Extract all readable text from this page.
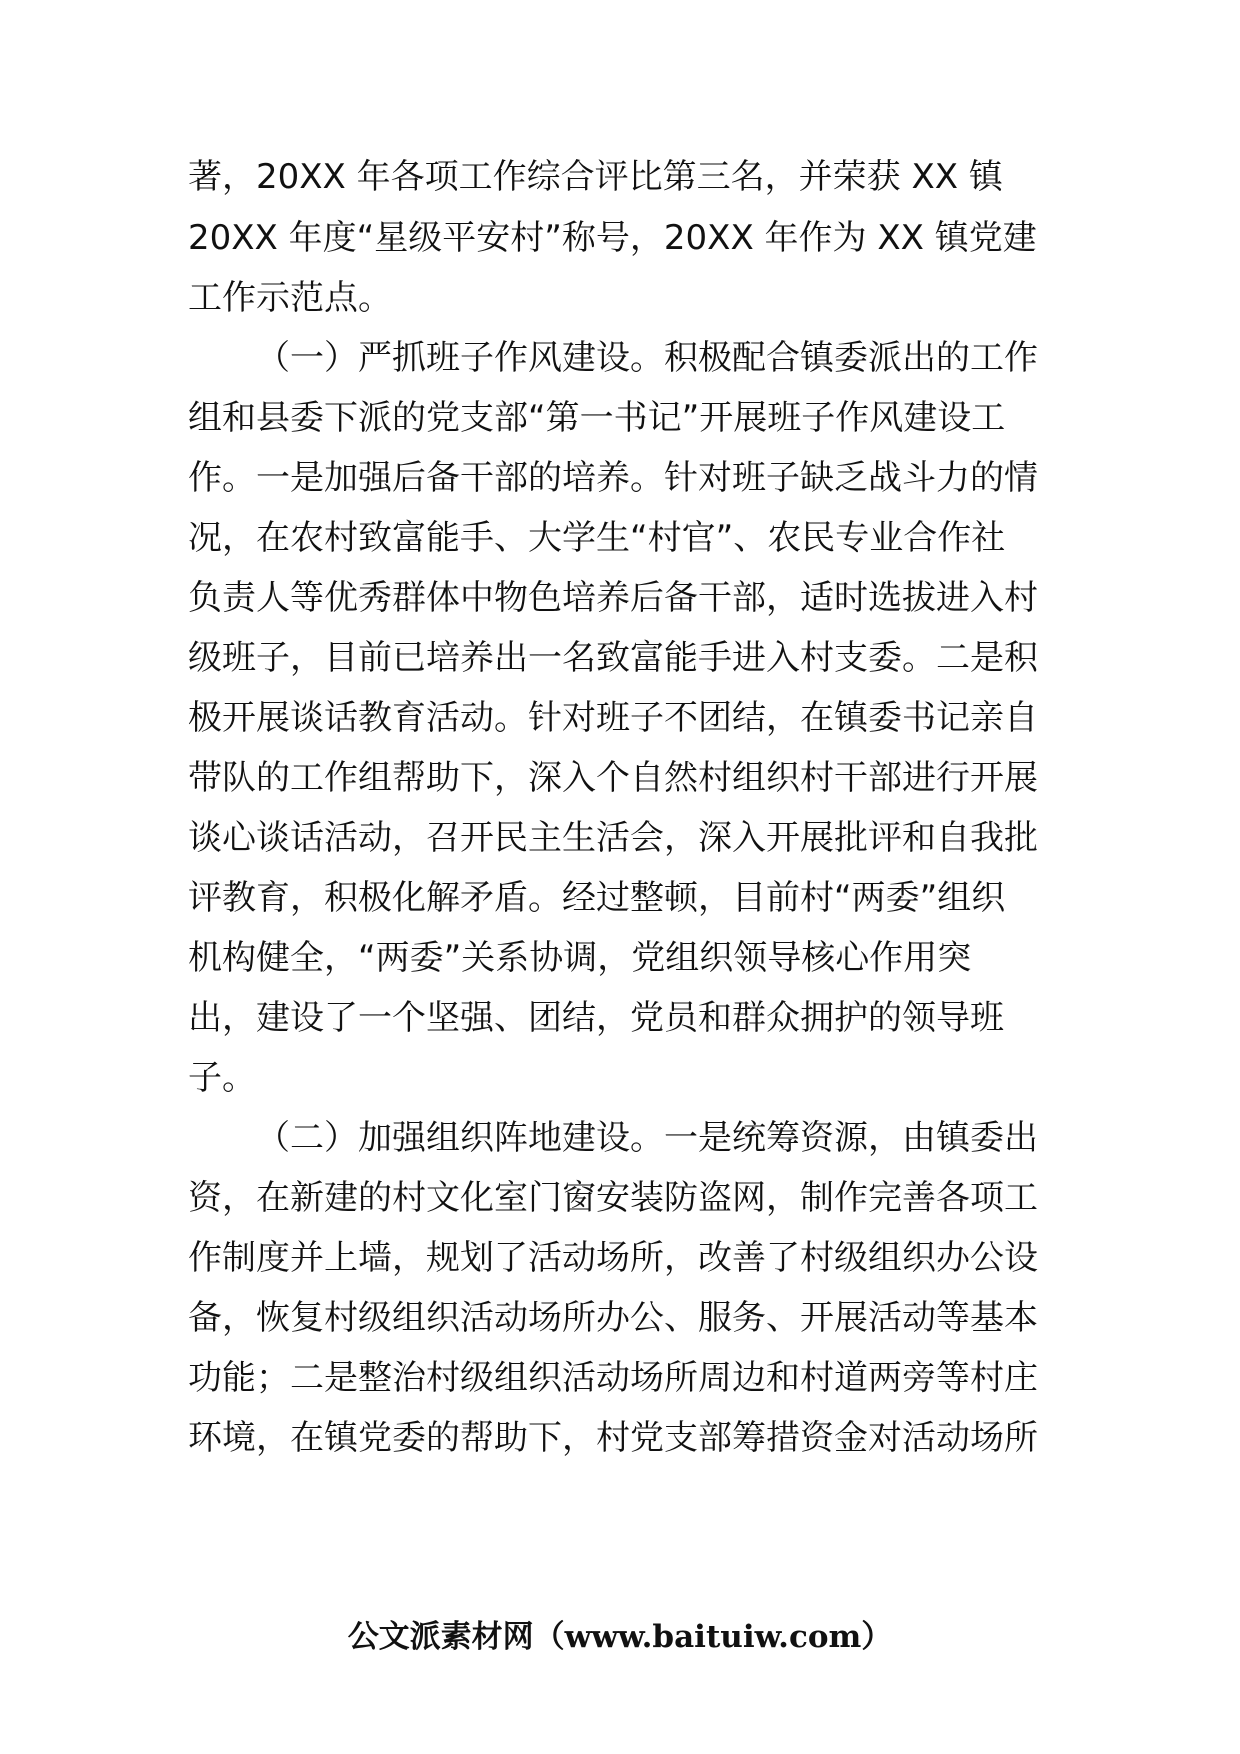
著，20XX 年各项工作综合评比第三名，并荣获 XX 镇
20XX 年度“星级平安村”称号，20XX 年作为 XX 镇党建
工作示范点。
（一）严抓班子作风建设。积极配合镇委派出的工作
组和县委下派的党支部“第一书记”开展班子作风建设工
作。一是加强后备干部的培养。针对班子缺乏战斗力的情
况，在农村致富能手、大学生“村官”、农民专业合作社
负责人等优秀群体中物色培养后备干部，适时选拔进入村
级班子，目前已培养出一名致富能手进入村支委。二是积
极开展谈话教育活动。针对班子不团结，在镇委书记亲自
带队的工作组帮助下，深入个自然村组织村干部进行开展
谈心谈话活动，召开民主生活会，深入开展批评和自我批
评教育，积极化解矛盾。经过整顿，目前村“两委”组织
机构健全，“两委”关系协调，党组织领导核心作用突
出，建设了一个坚强、团结，党员和群众拥护的领导班
子。
（二）加强组织阵地建设。一是统筹资源，由镇委出
资，在新建的村文化室门窗安装防盗网，制作完善各项工
作制度并上墙，规划了活动场所，改善了村级组织办公设
备，恢复村级组织活动场所办公、服务、开展活动等基本
功能；二是整治村级组织活动场所周边和村道两旁等村庄
环境，在镇党委的帮助下，村党支部筹措资金对活动场所
公文派素材网（www.baituiw.com）
